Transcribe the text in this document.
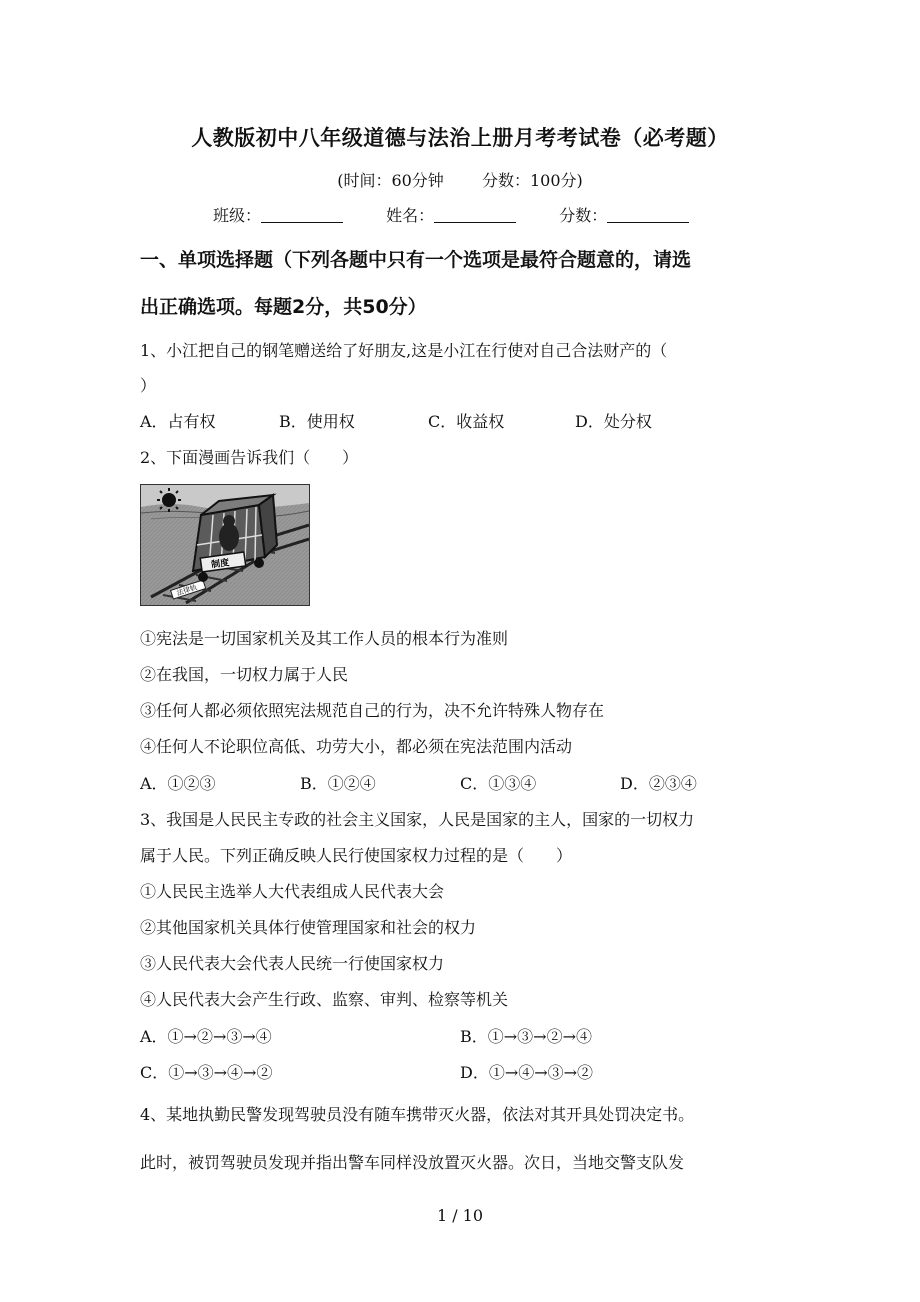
人教版初中八年级道德与法治上册月考考试卷（必考题）
(时间：60分钟 分数：100分)
班级：	姓名：	分数：
一、单项选择题（下列各题中只有一个选项是最符合题意的，请选
出正确选项。每题2分，共50分）
1、小江把自己的钢笔赠送给了好朋友,这是小江在行使对自己合法财产的（
）
A．占有权	B．使用权	C．收益权	D．处分权
2、下面漫画告诉我们（　　）
法律轨
制度
①宪法是一切国家机关及其工作人员的根本行为准则
②在我国，一切权力属于人民
③任何人都必须依照宪法规范自己的行为，决不允许特殊人物存在
④任何人不论职位高低、功劳大小，都必须在宪法范围内活动
A．①②③	B．①②④	C．①③④	D．②③④
3、我国是人民民主专政的社会主义国家，人民是国家的主人，国家的一切权力
属于人民。下列正确反映人民行使国家权力过程的是（　　）
①人民民主选举人大代表组成人民代表大会
②其他国家机关具体行使管理国家和社会的权力
③人民代表大会代表人民统一行使国家权力
④人民代表大会产生行政、监察、审判、检察等机关
A．①→②→③→④	B．①→③→②→④
C．①→③→④→②	D．①→④→③→②
4、某地执勤民警发现驾驶员没有随车携带灭火器，依法对其开具处罚决定书。
此时，被罚驾驶员发现并指出警车同样没放置灭火器。次日，当地交警支队发
1 / 10
